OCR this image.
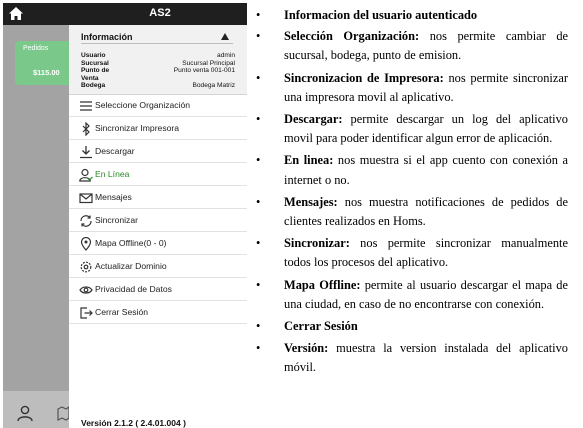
AS2
Pedidos
$115.00
Información
Usuario	admin
Sucursal	Sucursal Principal
Punto de	Punto venta 001-001
Venta
Bodega	Bodega Matriz
Seleccione Organización
Sincronizar Impresora
Descargar
En Línea
Mensajes
Sincronizar
Mapa Offline(0 - 0)
Actualizar Dominio
Privacidad de Datos
Cerrar Sesión
Versión 2.1.2 ( 2.4.01.004 )

• Informacion del usuario autenticado

• Selección Organización: nos permite cambiar de sucursal, bodega, punto de emision.

• Sincronizacion de Impresora: nos permite sincronizar una impresora movil al aplicativo.

• Descargar: permite descargar un log del aplicativo movil para poder identificar algun error de aplicación.

• En linea: nos muestra si el app cuento con conexión a internet o no.

• Mensajes: nos muestra notificaciones de pedidos de clientes realizados en Homs.

• Sincronizar: nos permite sincronizar manualmente todos los procesos del aplicativo.

• Mapa Offline: permite al usuario descargar el mapa de una ciudad, en caso de no encontrarse con conexión.

• Cerrar Sesión

• Versión: muestra la version instalada del aplicativo móvil.
